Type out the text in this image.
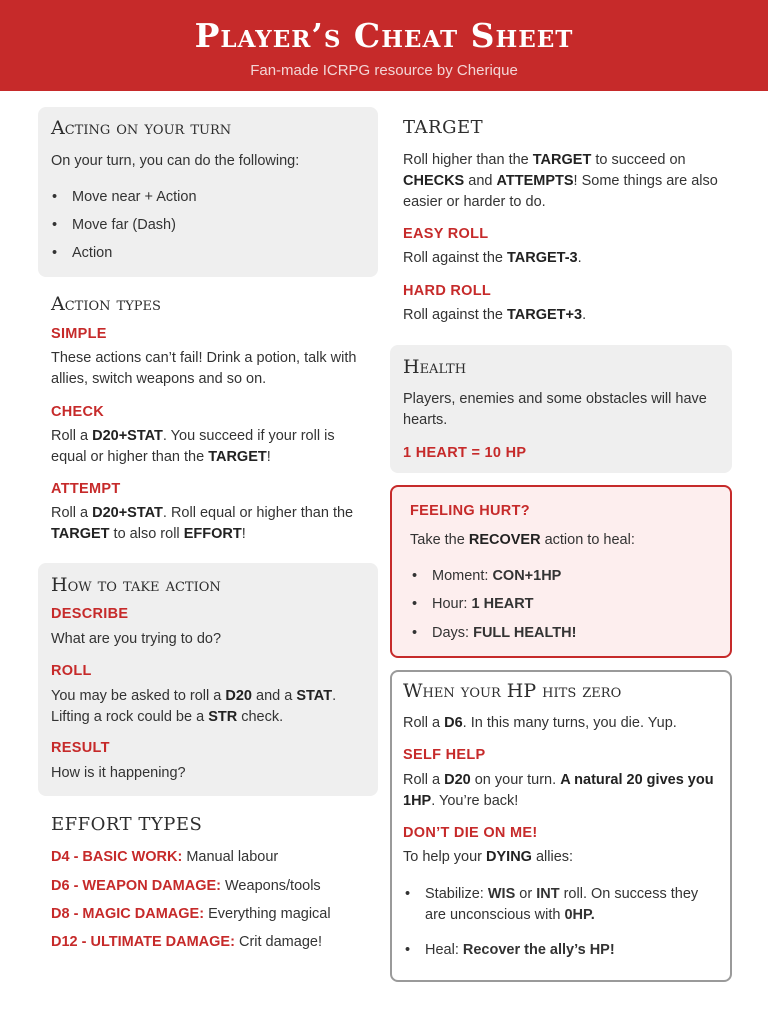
Player’s Cheat Sheet
Fan-made ICRPG resource by Cherique
Acting on your turn
On your turn, you can do the following:
• Move near + Action
• Move far (Dash)
• Action
Action types
SIMPLE
These actions can’t fail! Drink a potion, talk with allies, switch weapons and so on.
CHECK
Roll a D20+STAT. You succeed if your roll is equal or higher than the TARGET!
ATTEMPT
Roll a D20+STAT. Roll equal or higher than the TARGET to also roll EFFORT!
How to take action
DESCRIBE
What are you trying to do?
ROLL
You may be asked to roll a D20 and a STAT. Lifting a rock could be a STR check.
RESULT
How is it happening?
EFFORT TYPES
D4 - BASIC WORK: Manual labour
D6 - WEAPON DAMAGE: Weapons/tools
D8 - MAGIC DAMAGE: Everything magical
D12 - ULTIMATE DAMAGE: Crit damage!
TARGET
Roll higher than the TARGET to succeed on CHECKS and ATTEMPTS! Some things are also easier or harder to do.
EASY ROLL
Roll against the TARGET-3.
HARD ROLL
Roll against the TARGET+3.
Health
Players, enemies and some obstacles will have hearts.
1 HEART = 10 HP
FEELING HURT?
Take the RECOVER action to heal:
• Moment: CON+1HP
• Hour: 1 HEART
• Days: FULL HEALTH!
When your HP hits zero
Roll a D6. In this many turns, you die. Yup.
SELF HELP
Roll a D20 on your turn. A natural 20 gives you 1HP. You’re back!
DON’T DIE ON ME!
To help your DYING allies:
• Stabilize: WIS or INT roll. On success they are unconscious with 0HP.
• Heal: Recover the ally’s HP!
